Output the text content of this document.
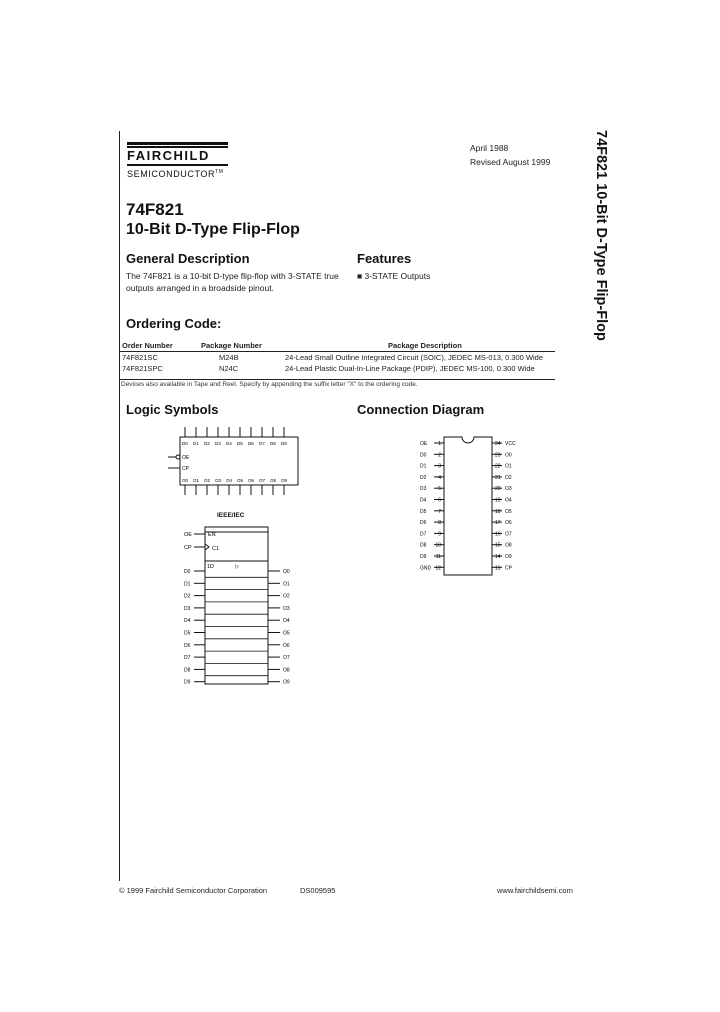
FAIRCHILD
SEMICONDUCTOR™
April 1988
Revised August 1999	74F821 10-Bit D-Type Flip-Flop
74F821
10-Bit D-Type Flip-Flop
General Description
The 74F821 is a 10-bit D-type flip-flop with 3-STATE true outputs arranged in a broadside pinout.
Features
■ 3-STATE Outputs
Ordering Code:
Order Number	Package Number	Package Description
74F821SC	M24B	24-Lead Small Outline Integrated Circuit (SOIC), JEDEC MS-013, 0.300 Wide
74F821SPC	N24C	24-Lead Plastic Dual-In-Line Package (PDIP), JEDEC MS-100, 0.300 Wide
Devices also available in Tape and Reel. Specify by appending the suffix letter "X" to the ordering code.
Logic Symbols
D0 D1 D2 D3 D4 D5 D6 D7 D8 D9
O0 O1 O2 O3 O4 O5 O6 O7 O8 O9
OE
CP
IEEE/IEC
OE
CP
EN
C1
1D	▷
D0	O0
D1	O1
D2	O2
D3	O3
D4	O4
D5	O5
D6	O6
D7	O7
D8	O8
D9	O9
Connection Diagram
OE 1
D0 2
D1 3
D2 4
D3 5
D4 6
D5 7
D6 8
D7 9
D8 10
D9 11
GND 12
24 VCC
23 O0
22 O1
21 O2
20 O3
19 O4
18 O5
17 O6
16 O7
15 O8
14 O9
13 CP
© 1999 Fairchild Semiconductor Corporation	DS009595	www.fairchildsemi.com
